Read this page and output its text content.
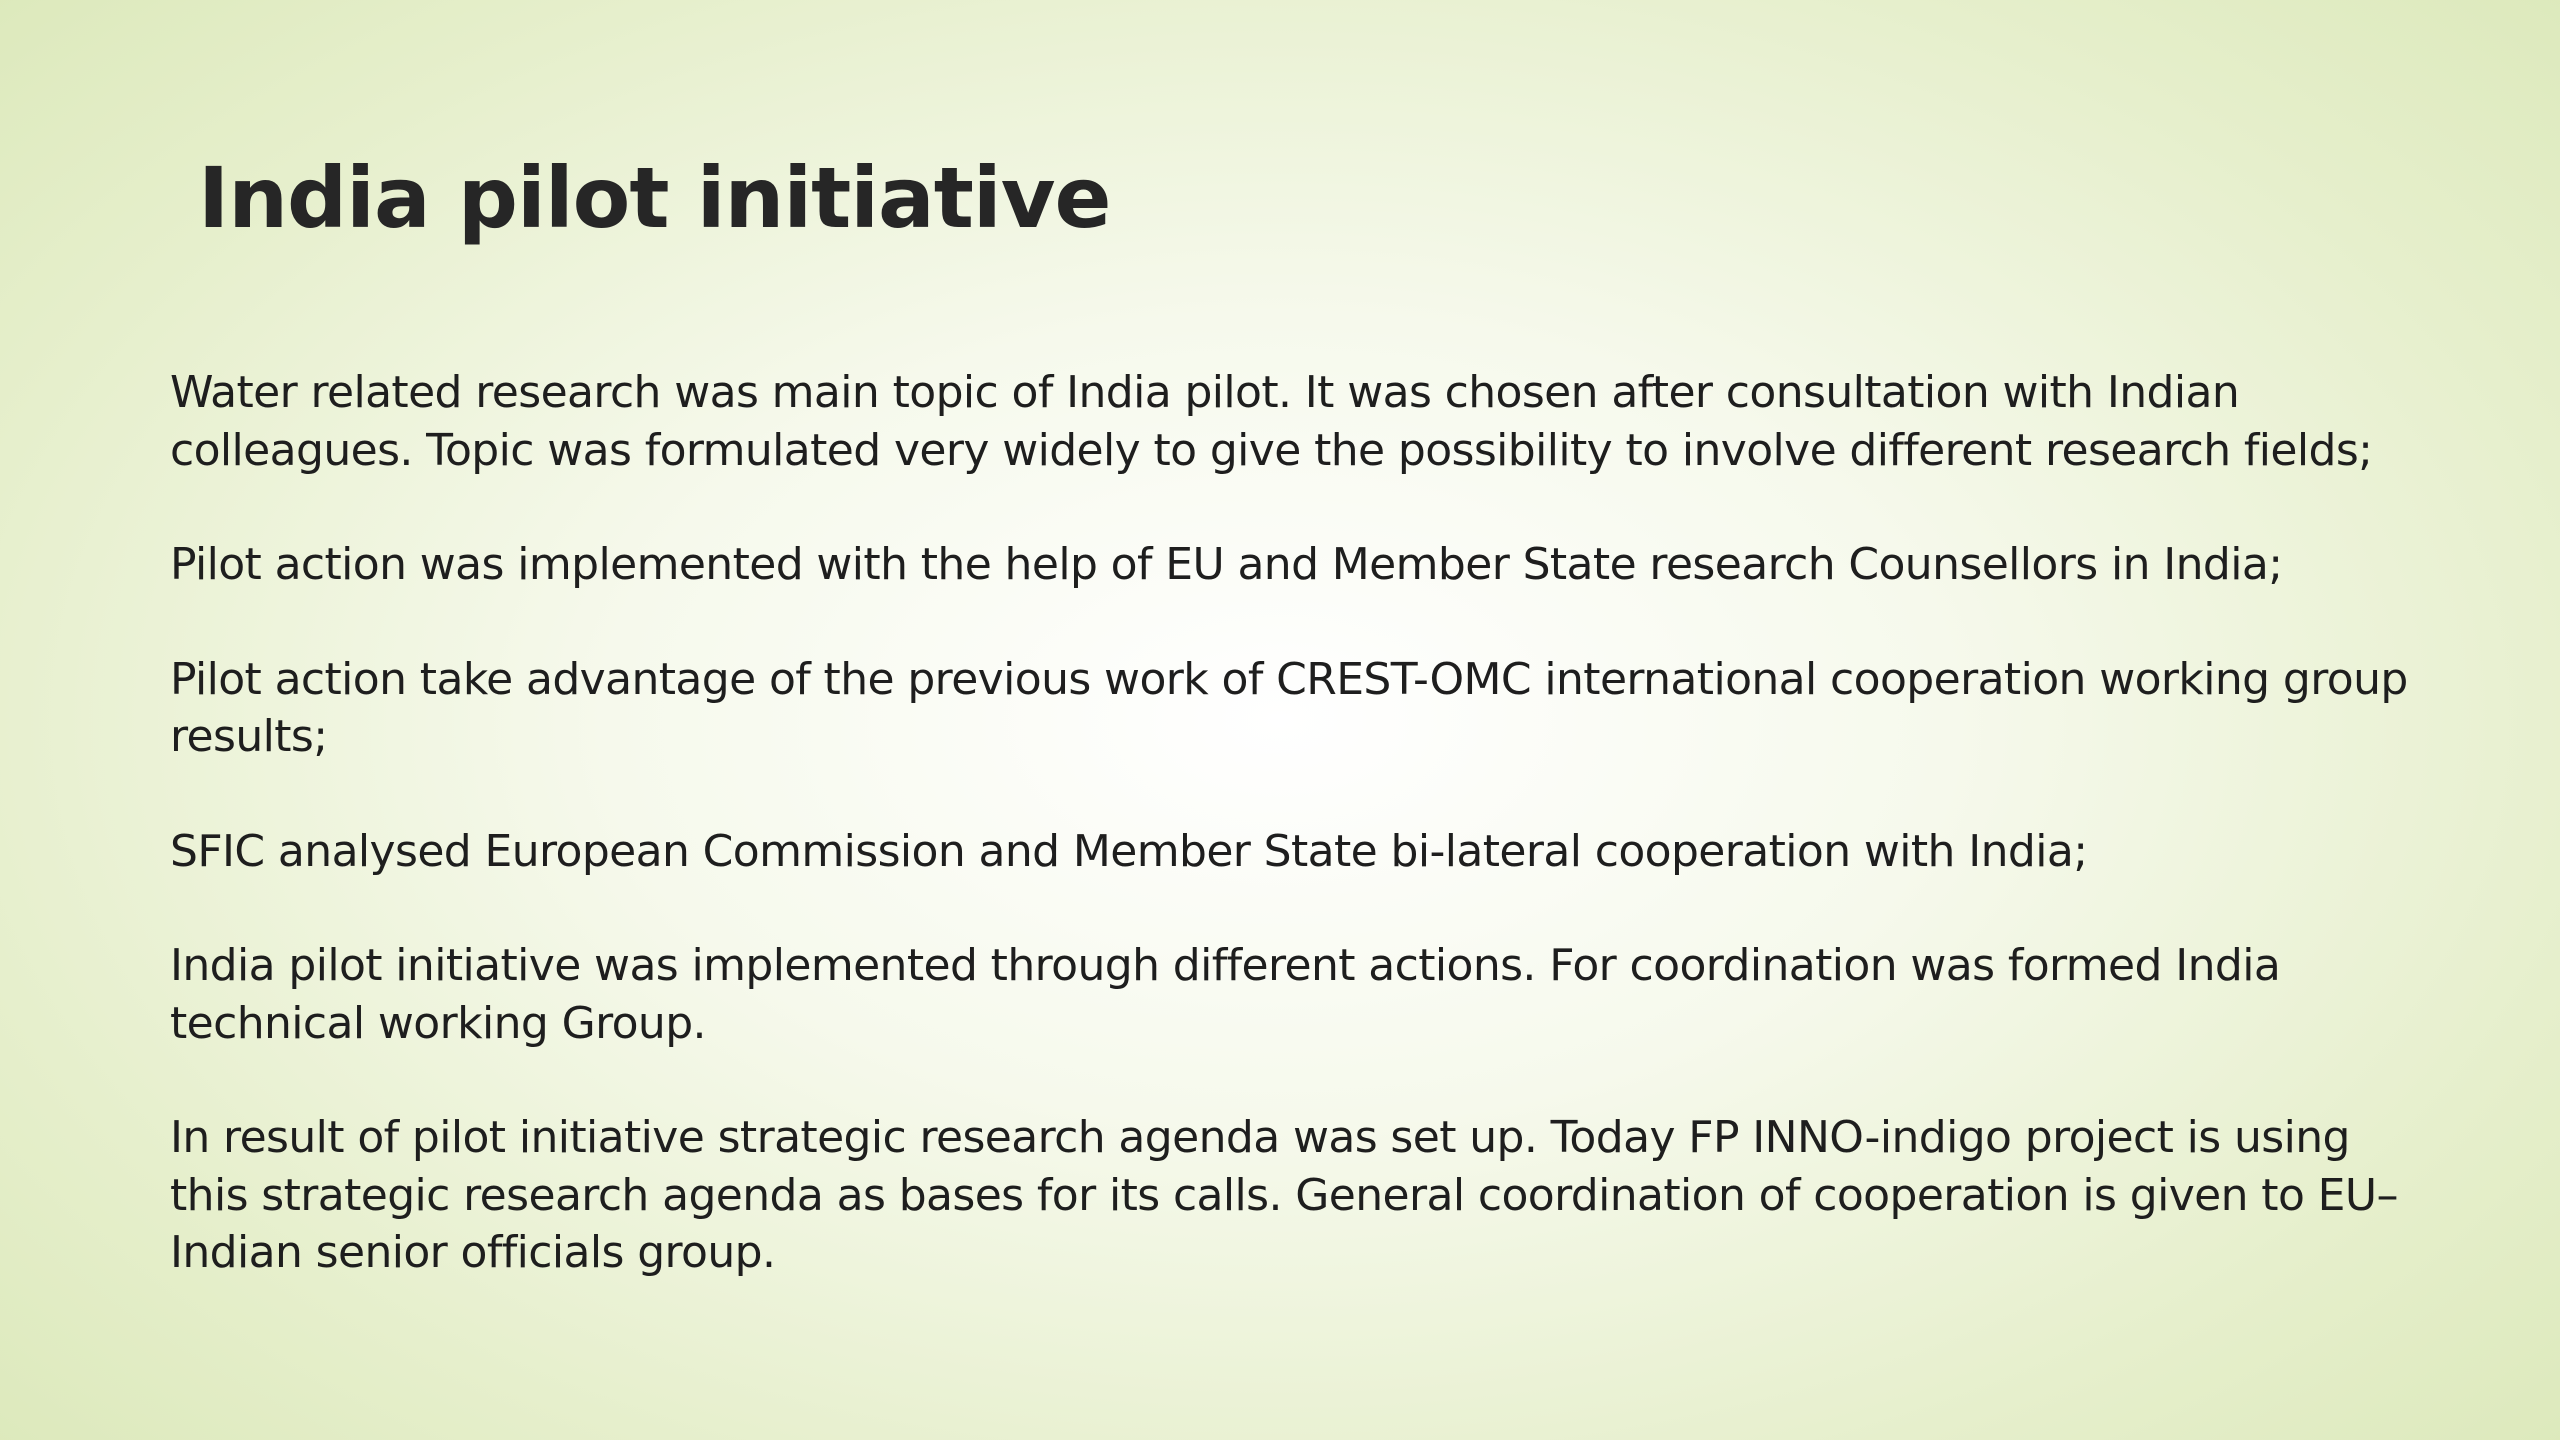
India pilot initiative

Water related research was main topic of India pilot. It was chosen after consultation with Indian colleagues. Topic was formulated very widely to give the possibility to involve different research fields;

Pilot action was implemented with the help of EU and Member State research Counsellors in India;

Pilot action take advantage of the previous work of CREST-OMC international cooperation working group results;

SFIC analysed European Commission and Member State bi-lateral cooperation with India;

India pilot initiative was implemented through different actions. For coordination was formed India technical working Group.

In result of pilot initiative strategic research agenda was set up. Today FP INNO-indigo project is using this strategic research agenda as bases for its calls. General coordination of cooperation is given to EU–Indian senior officials group.
